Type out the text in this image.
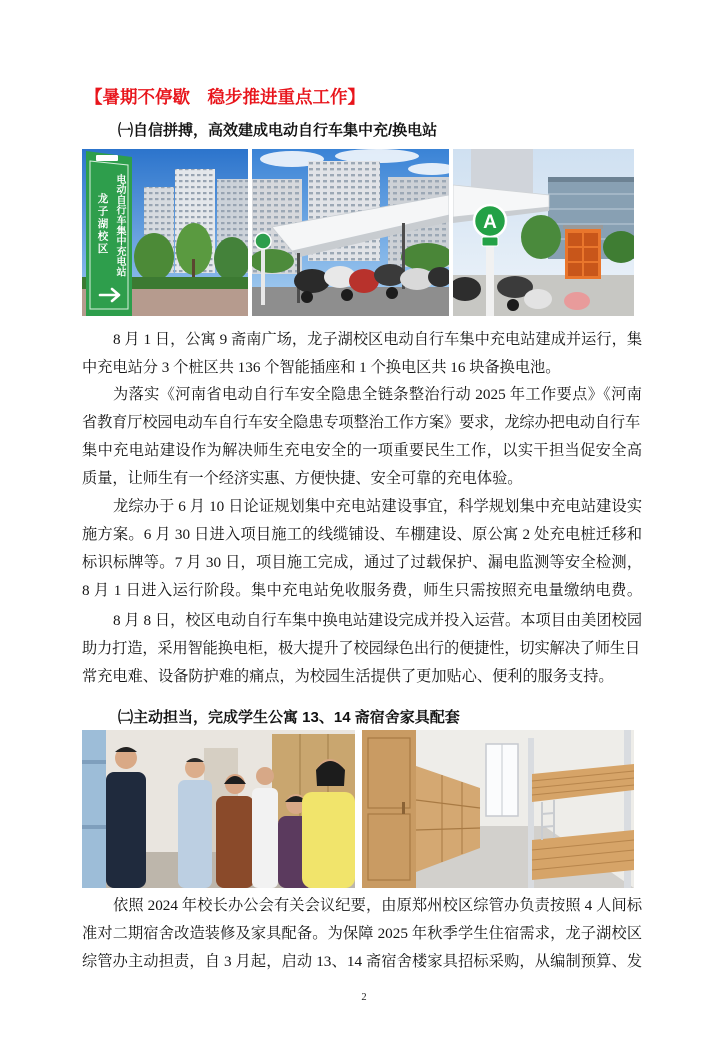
【暑期不停歇　稳步推进重点工作】
㈠自信拼搏，高效建成电动自行车集中充/换电站
龙子湖校区 电动自行车集中充电站	A
8 月 1 日，公寓 9 斋南广场，龙子湖校区电动自行车集中充电站建成并运行，集
中充电站分 3 个桩区共 136 个智能插座和 1 个换电区共 16 块备换电池。
为落实《河南省电动自行车安全隐患全链条整治行动 2025 年工作要点》《河南
省教育厅校园电动车自行车安全隐患专项整治工作方案》要求，龙综办把电动自行车
集中充电站建设作为解决师生充电安全的一项重要民生工作，以实干担当促安全高
质量，让师生有一个经济实惠、方便快捷、安全可靠的充电体验。
龙综办于 6 月 10 日论证规划集中充电站建设事宜，科学规划集中充电站建设实
施方案。6 月 30 日进入项目施工的线缆铺设、车棚建设、原公寓 2 处充电桩迁移和
标识标牌等。7 月 30 日，项目施工完成，通过了过载保护、漏电监测等安全检测，
8 月 1 日进入运行阶段。集中充电站免收服务费，师生只需按照充电量缴纳电费。
8 月 8 日，校区电动自行车集中换电站建设完成并投入运营。本项目由美团校园
助力打造，采用智能换电柜，极大提升了校园绿色出行的便捷性，切实解决了师生日
常充电难、设备防护难的痛点，为校园生活提供了更加贴心、便利的服务支持。
㈡主动担当，完成学生公寓 13、14 斋宿舍家具配套
依照 2024 年校长办公会有关会议纪要，由原郑州校区综管办负责按照 4 人间标
准对二期宿舍改造装修及家具配备。为保障 2025 年秋季学生住宿需求，龙子湖校区
综管办主动担责，自 3 月起，启动 13、14 斋宿舍楼家具招标采购，从编制预算、发
2
